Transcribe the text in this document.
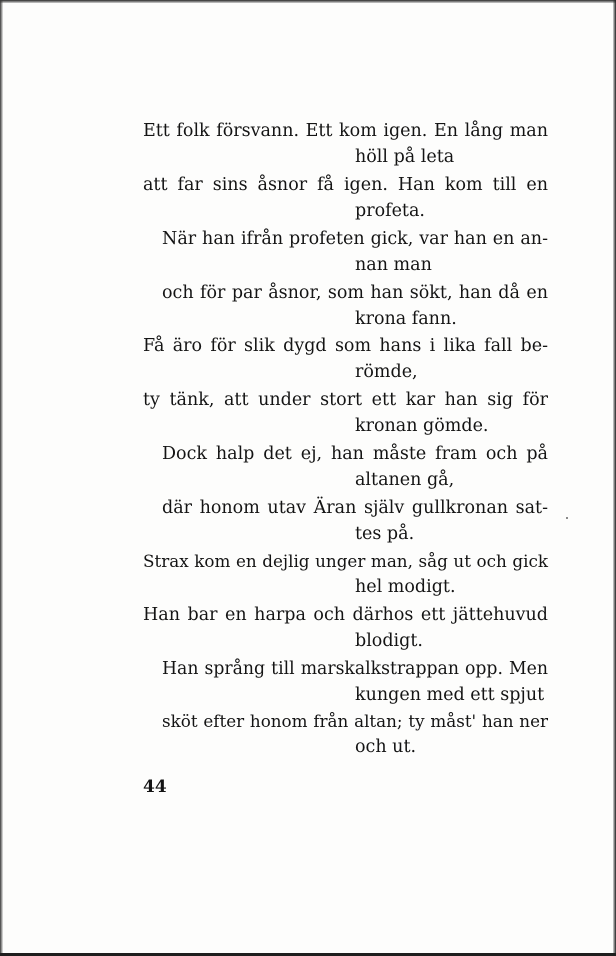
Ett folk försvann. Ett kom igen. En lång man
höll på leta
att far sins åsnor få igen. Han kom till en
profeta.
När han ifrån profeten gick, var han en an-
nan man
och för par åsnor, som han sökt, han då en
krona fann.
Få äro för slik dygd som hans i lika fall be-
römde,
ty tänk, att under stort ett kar han sig för
kronan gömde.
Dock halp det ej, han måste fram och på
altanen gå,
där honom utav Äran själv gullkronan sat-
tes på.
Strax kom en dejlig unger man, såg ut och gick
hel modigt.
Han bar en harpa och därhos ett jättehuvud
blodigt.
Han språng till marskalkstrappan opp. Men
kungen med ett spjut
sköt efter honom från altan; ty måst' han ner
och ut.
44
